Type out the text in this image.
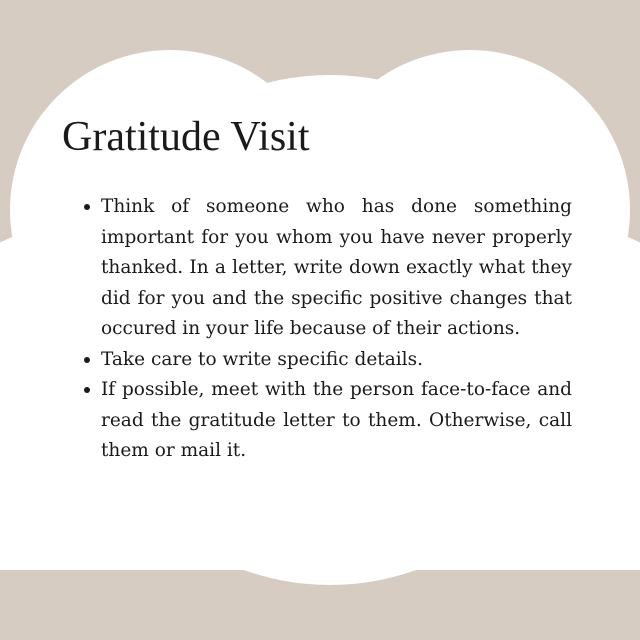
Gratitude Visit
Think of someone who has done something important for you whom you have never properly thanked. In a letter, write down exactly what they did for you and the specific positive changes that occured in your life because of their actions.
Take care to write specific details.
If possible, meet with the person face-to-face and read the gratitude letter to them. Otherwise, call them or mail it.
